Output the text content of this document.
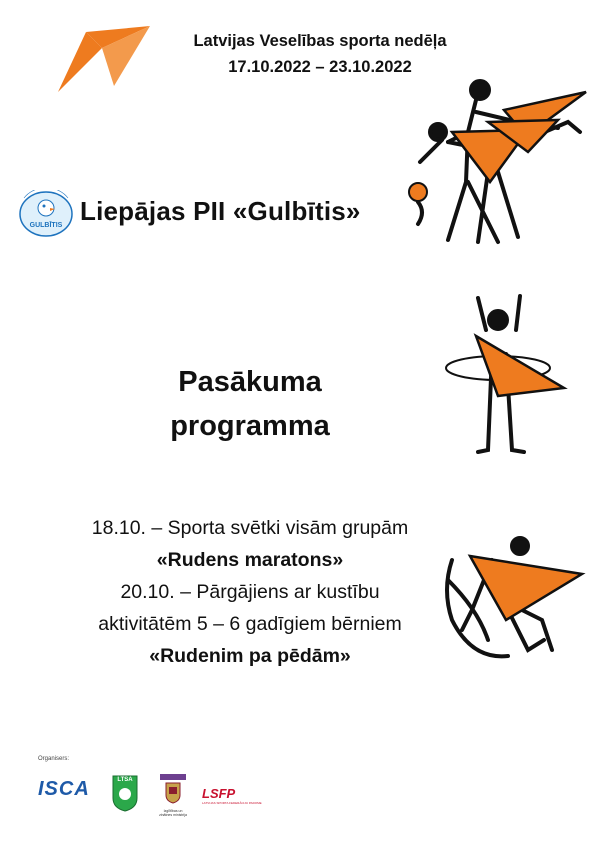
Latvijas Veselības sporta nedēļa
17.10.2022 – 23.10.2022
GULBĪTIS Liepājas PII «Gulbītis»
Pasākuma
programma
18.10. – Sporta svētki visām grupām
«Rudens maratons»
20.10. – Pārgājiens ar kustību
aktivitātēm 5 – 6 gadīgiem bērniem
«Rudenim pa pēdām»
Organisers:
ISCA	LTSA
Izglītības un zinātnes ministrija
LSFP
LATVIJAS SPORTA FEDERĀCIJU PADOME
